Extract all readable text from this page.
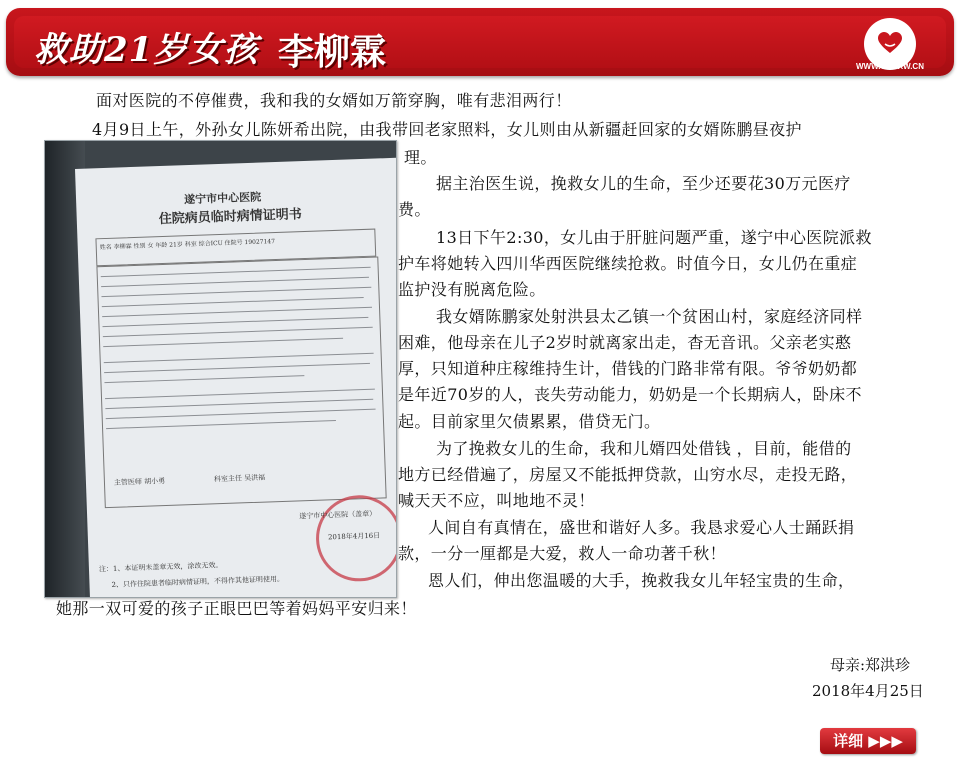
救助21岁女孩 李柳霖	WWW.TMAXW.CN
遂宁市中心医院
住院病员临时病情证明书
姓名 李柳霖 性别 女 年龄 21岁 科室 综合ICU 住院号 19027147
主管医师 胡小勇	科室主任 吴洪福
遂宁市中心医院（盖章）
2018年4月16日
注：1、本证明未盖章无效，涂改无效。
2、只作住院患者临时病情证明，不得作其他证明使用。
面对医院的不停催费，我和我的女婿如万箭穿胸，唯有悲泪两行！
4月9日上午，外孙女儿陈妍希出院，由我带回老家照料，女儿则由从新疆赶回家的女婿陈鹏昼夜护
理。
据主治医生说，挽救女儿的生命，至少还要花30万元医疗
费。
13日下午2:30，女儿由于肝脏问题严重，遂宁中心医院派救
护车将她转入四川华西医院继续抢救。时值今日，女儿仍在重症
监护没有脱离危险。
我女婿陈鹏家处射洪县太乙镇一个贫困山村，家庭经济同样
困难，他母亲在儿子2岁时就离家出走，杳无音讯。父亲老实憨
厚，只知道种庄稼维持生计，借钱的门路非常有限。爷爷奶奶都
是年近70岁的人，丧失劳动能力，奶奶是一个长期病人，卧床不
起。目前家里欠债累累，借贷无门。
为了挽救女儿的生命，我和儿婿四处借钱 ，目前，能借的
地方已经借遍了，房屋又不能抵押贷款，山穷水尽，走投无路，
喊天天不应，叫地地不灵！
人间自有真情在，盛世和谐好人多。我恳求爱心人士踊跃捐
款，一分一厘都是大爱，救人一命功著千秋！
恩人们，伸出您温暖的大手，挽救我女儿年轻宝贵的生命，
她那一双可爱的孩子正眼巴巴等着妈妈平安归来！
母亲:郑洪珍
2018年4月25日
详细 ▶▶▶
